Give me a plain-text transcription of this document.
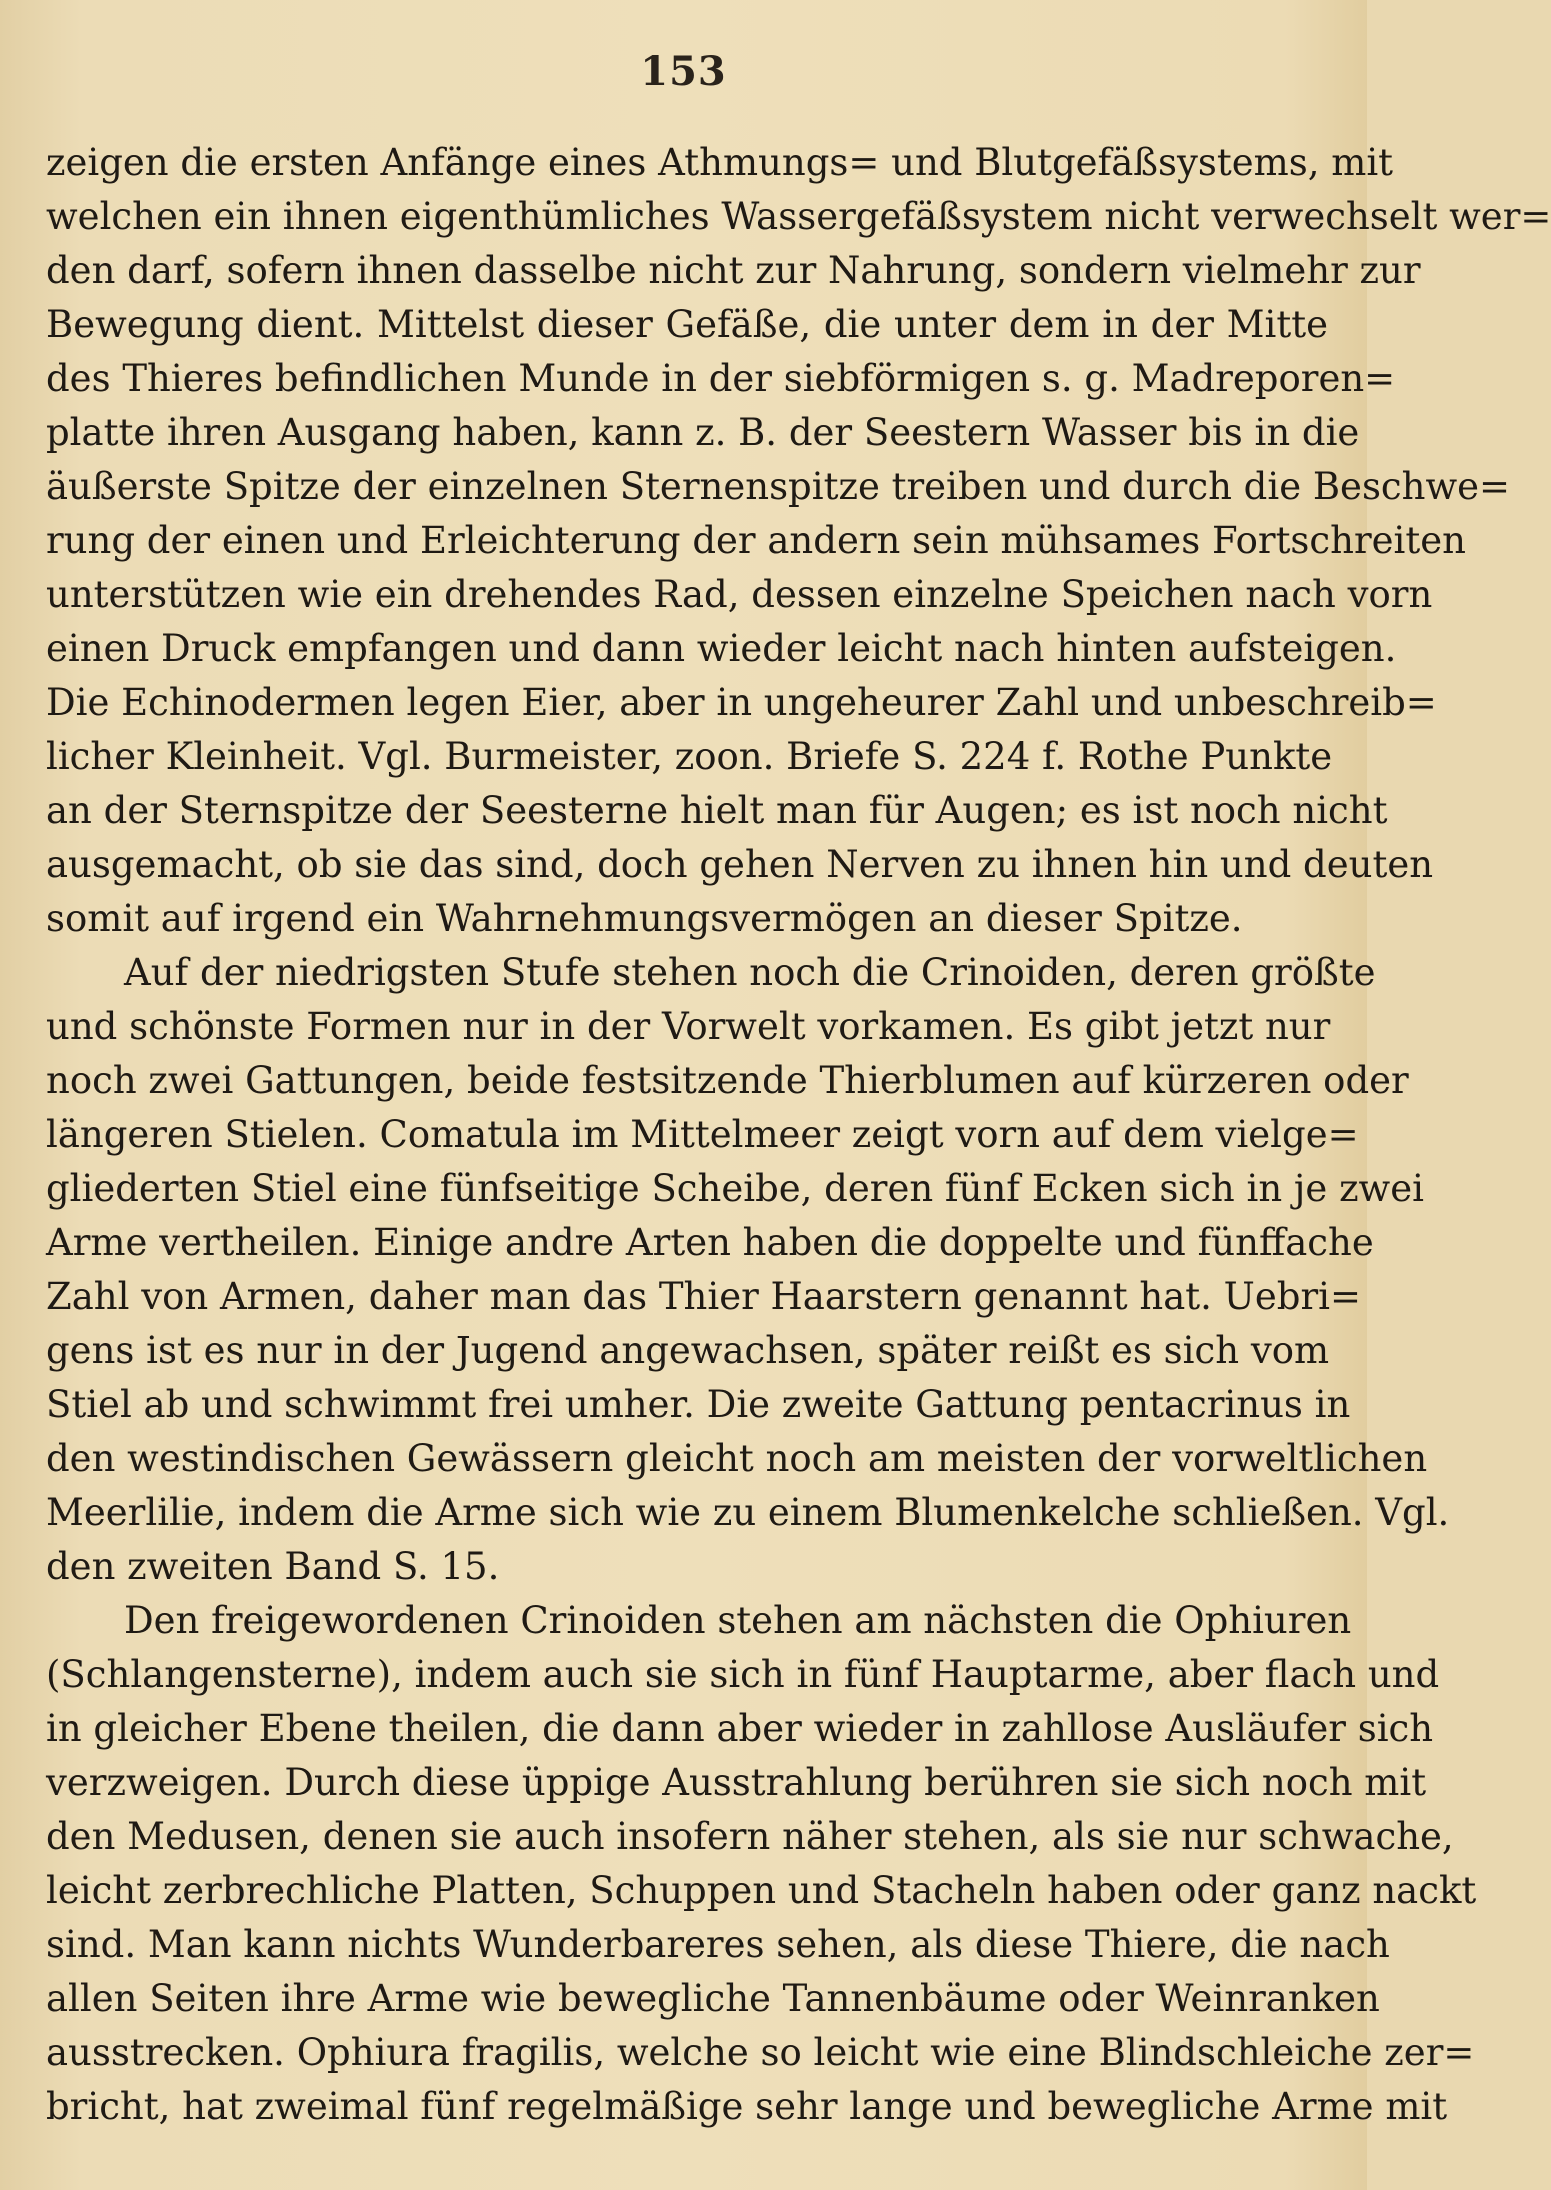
153
zeigen die ersten Anfänge eines Athmungs= und Blutgefäßsystems, mit
welchen ein ihnen eigenthümliches Wassergefäßsystem nicht verwechselt wer=
den darf, sofern ihnen dasselbe nicht zur Nahrung, sondern vielmehr zur
Bewegung dient. Mittelst dieser Gefäße, die unter dem in der Mitte
des Thieres befindlichen Munde in der siebförmigen s. g. Madreporen=
platte ihren Ausgang haben, kann z. B. der Seestern Wasser bis in die
äußerste Spitze der einzelnen Sternenspitze treiben und durch die Beschwe=
rung der einen und Erleichterung der andern sein mühsames Fortschreiten
unterstützen wie ein drehendes Rad, dessen einzelne Speichen nach vorn
einen Druck empfangen und dann wieder leicht nach hinten aufsteigen.
Die Echinodermen legen Eier, aber in ungeheurer Zahl und unbeschreib=
licher Kleinheit. Vgl. Burmeister, zoon. Briefe S. 224 f. Rothe Punkte
an der Sternspitze der Seesterne hielt man für Augen; es ist noch nicht
ausgemacht, ob sie das sind, doch gehen Nerven zu ihnen hin und deuten
somit auf irgend ein Wahrnehmungsvermögen an dieser Spitze.
Auf der niedrigsten Stufe stehen noch die Crinoiden, deren größte
und schönste Formen nur in der Vorwelt vorkamen. Es gibt jetzt nur
noch zwei Gattungen, beide festsitzende Thierblumen auf kürzeren oder
längeren Stielen. Comatula im Mittelmeer zeigt vorn auf dem vielge=
gliederten Stiel eine fünfseitige Scheibe, deren fünf Ecken sich in je zwei
Arme vertheilen. Einige andre Arten haben die doppelte und fünffache
Zahl von Armen, daher man das Thier Haarstern genannt hat. Uebri=
gens ist es nur in der Jugend angewachsen, später reißt es sich vom
Stiel ab und schwimmt frei umher. Die zweite Gattung pentacrinus in
den westindischen Gewässern gleicht noch am meisten der vorweltlichen
Meerlilie, indem die Arme sich wie zu einem Blumenkelche schließen. Vgl.
den zweiten Band S. 15.
Den freigewordenen Crinoiden stehen am nächsten die Ophiuren
(Schlangensterne), indem auch sie sich in fünf Hauptarme, aber flach und
in gleicher Ebene theilen, die dann aber wieder in zahllose Ausläufer sich
verzweigen. Durch diese üppige Ausstrahlung berühren sie sich noch mit
den Medusen, denen sie auch insofern näher stehen, als sie nur schwache,
leicht zerbrechliche Platten, Schuppen und Stacheln haben oder ganz nackt
sind. Man kann nichts Wunderbareres sehen, als diese Thiere, die nach
allen Seiten ihre Arme wie bewegliche Tannenbäume oder Weinranken
ausstrecken. Ophiura fragilis, welche so leicht wie eine Blindschleiche zer=
bricht, hat zweimal fünf regelmäßige sehr lange und bewegliche Arme mit
